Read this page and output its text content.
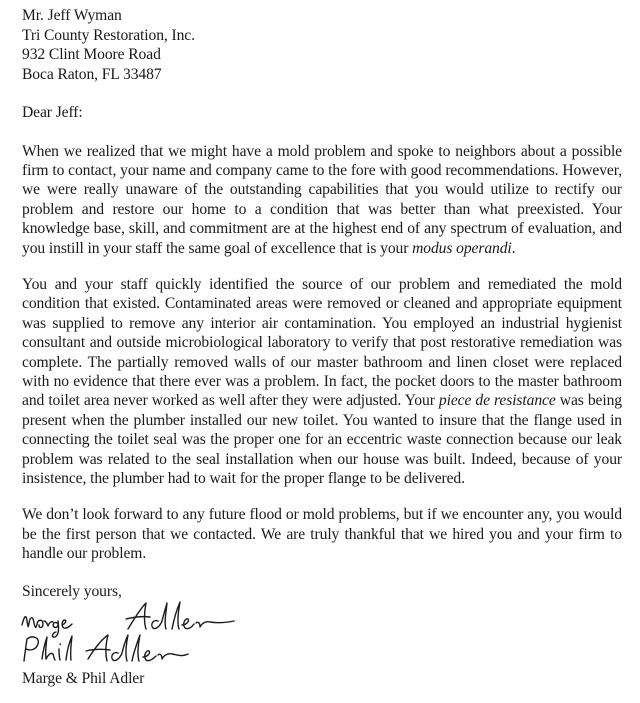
Mr. Jeff Wyman
Tri County Restoration, Inc.
932 Clint Moore Road
Boca Raton, FL 33487
Dear Jeff:

When we realized that we might have a mold problem and spoke to neighbors about a possible firm to contact, your name and company came to the fore with good recommendations. However, we were really unaware of the outstanding capabilities that you would utilize to rectify our problem and restore our home to a condition that was better than what preexisted. Your knowledge base, skill, and commitment are at the highest end of any spectrum of evaluation, and you instill in your staff the same goal of excellence that is your modus operandi.

You and your staff quickly identified the source of our problem and remediated the mold condition that existed. Contaminated areas were removed or cleaned and appropriate equipment was supplied to remove any interior air contamination. You employed an industrial hygienist consultant and outside microbiological laboratory to verify that post restorative remediation was complete. The partially removed walls of our master bathroom and linen closet were replaced with no evidence that there ever was a problem. In fact, the pocket doors to the master bathroom and toilet area never worked as well after they were adjusted. Your piece de resistance was being present when the plumber installed our new toilet. You wanted to insure that the flange used in connecting the toilet seal was the proper one for an eccentric waste connection because our leak problem was related to the seal installation when our house was built. Indeed, because of your insistence, the plumber had to wait for the proper flange to be delivered.

We don’t look forward to any future flood or mold problems, but if we encounter any, you would be the first person that we contacted. We are truly thankful that we hired you and your firm to handle our problem.

Sincerely yours,
Marge & Phil Adler
